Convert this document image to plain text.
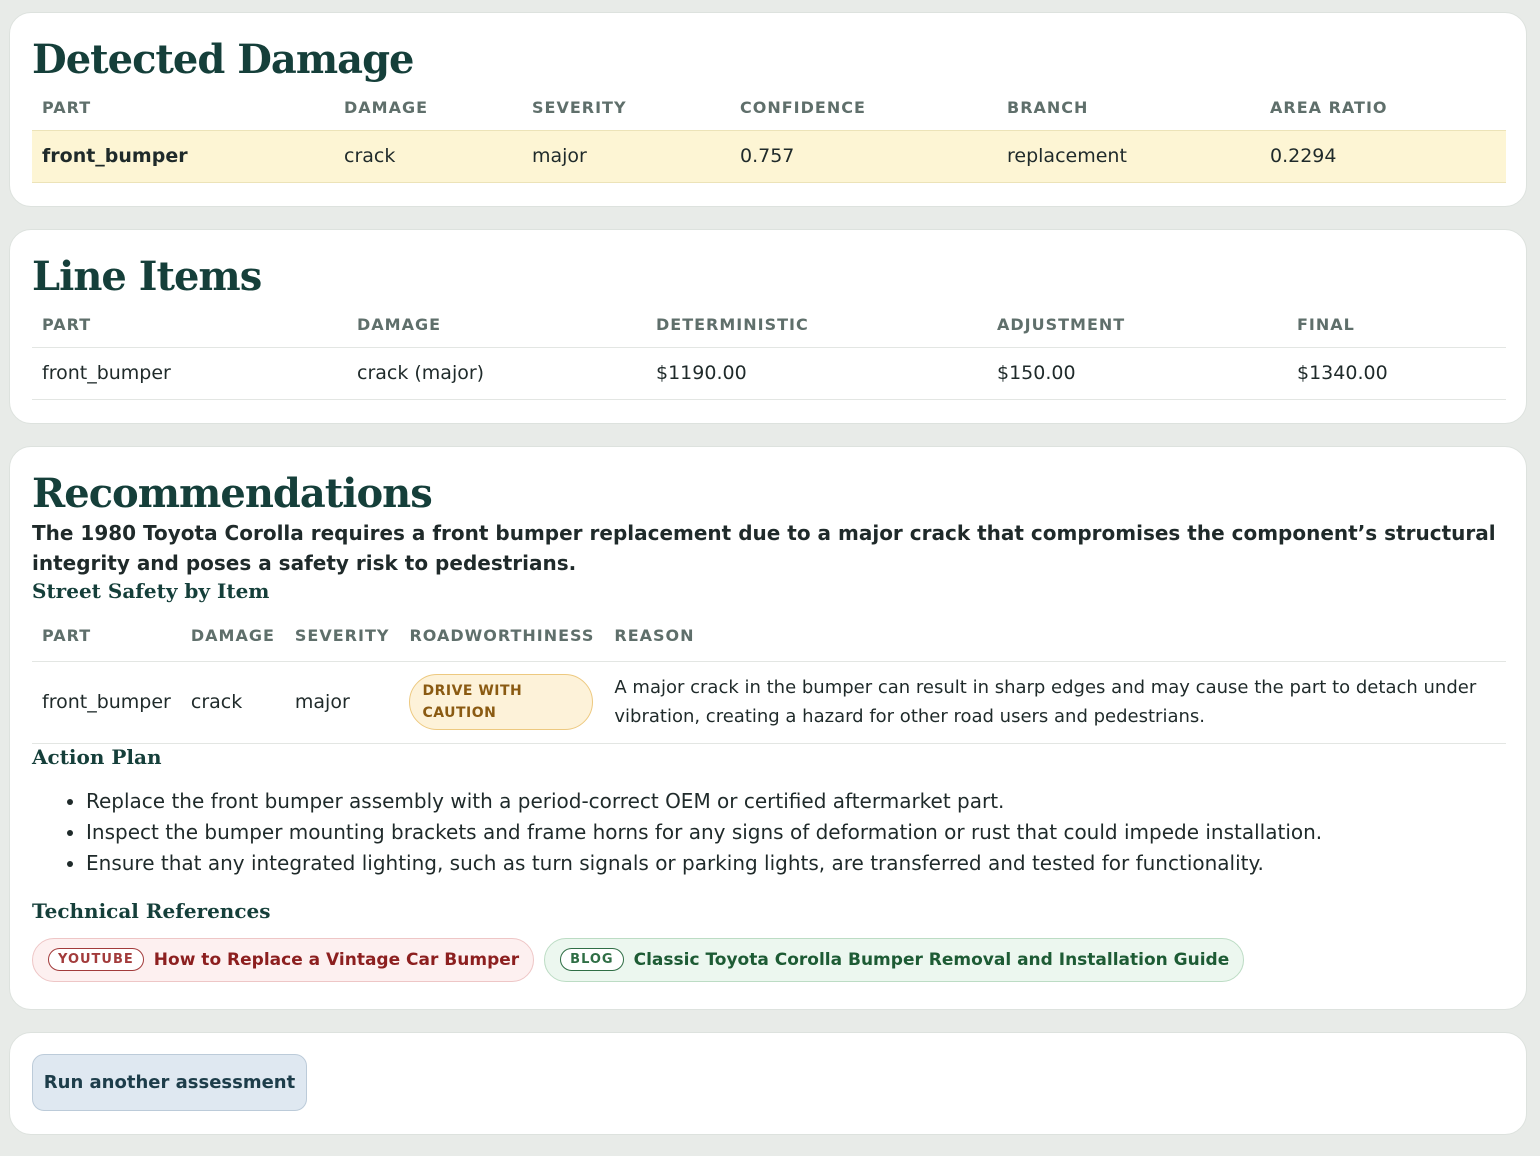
Detected Damage
PART	DAMAGE	SEVERITY	CONFIDENCE	BRANCH	AREA RATIO
front_bumper	crack	major	0.757	replacement	0.2294
Line Items
PART	DAMAGE	DETERMINISTIC	ADJUSTMENT	FINAL
front_bumper	crack (major)	$1190.00	$150.00	$1340.00
Recommendations

The 1980 Toyota Corolla requires a front bumper replacement due to a major crack that compromises the component’s structural integrity and poses a safety risk to pedestrians.

Street Safety by Item
PART	DAMAGE	SEVERITY	ROADWORTHINESS	REASON
front_bumper	crack	major	DRIVE WITH CAUTION	A major crack in the bumper can result in sharp edges and may cause the part to detach under vibration, creating a hazard for other road users and pedestrians.
Action Plan
• Replace the front bumper assembly with a period-correct OEM or certified aftermarket part.
• Inspect the bumper mounting brackets and frame horns for any signs of deformation or rust that could impede installation.
• Ensure that any integrated lighting, such as turn signals or parking lights, are transferred and tested for functionality.
Technical References
YOUTUBE	How to Replace a Vintage Car Bumper	BLOG	Classic Toyota Corolla Bumper Removal and Installation Guide
Run another assessment
